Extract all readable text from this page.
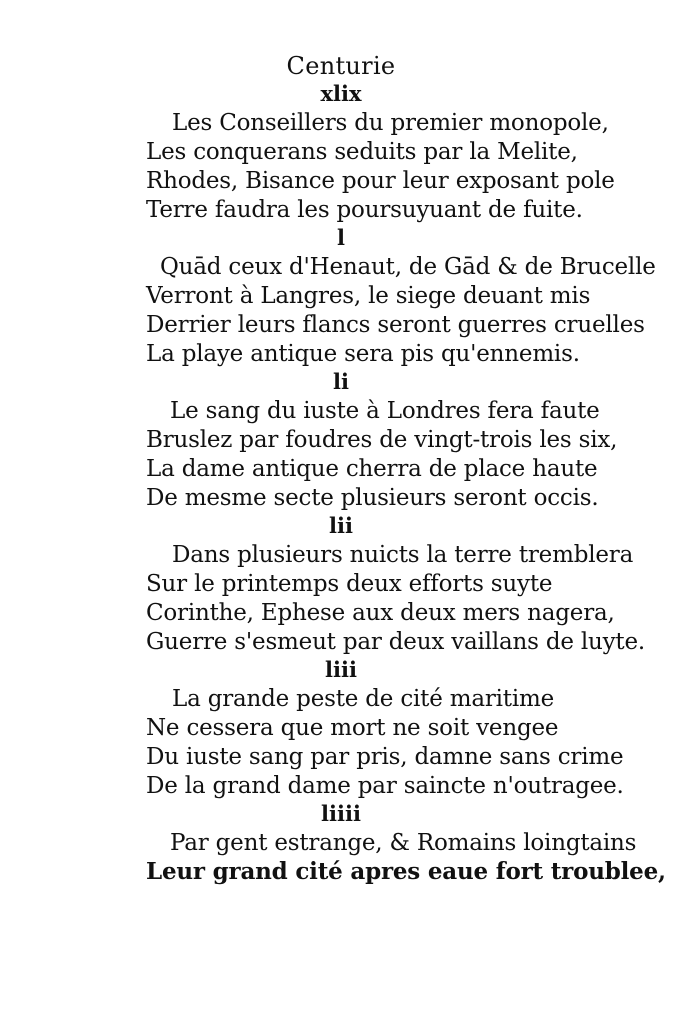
Centurie
xlix
Les Conseillers du premier monopole,
Les conquerans seduits par la Melite,
Rhodes, Bisance pour leur exposant pole
Terre faudra les poursuyuant de fuite.
l
Quād ceux d'Henaut, de Gād & de Brucelle
Verront à Langres, le siege deuant mis
Derrier leurs flancs seront guerres cruelles
La playe antique sera pis qu'ennemis.
li
Le sang du iuste à Londres fera faute
Bruslez par foudres de vingt-trois les six,
La dame antique cherra de place haute
De mesme secte plusieurs seront occis.
lii
Dans plusieurs nuicts la terre tremblera
Sur le printemps deux efforts suyte
Corinthe, Ephese aux deux mers nagera,
Guerre s'esmeut par deux vaillans de luyte.
liii
La grande peste de cité maritime
Ne cessera que mort ne soit vengee
Du iuste sang par pris, damne sans crime
De la grand dame par saincte n'outragee.
liiii
Par gent estrange, & Romains loingtains
Leur grand cité apres eaue fort troublee,
